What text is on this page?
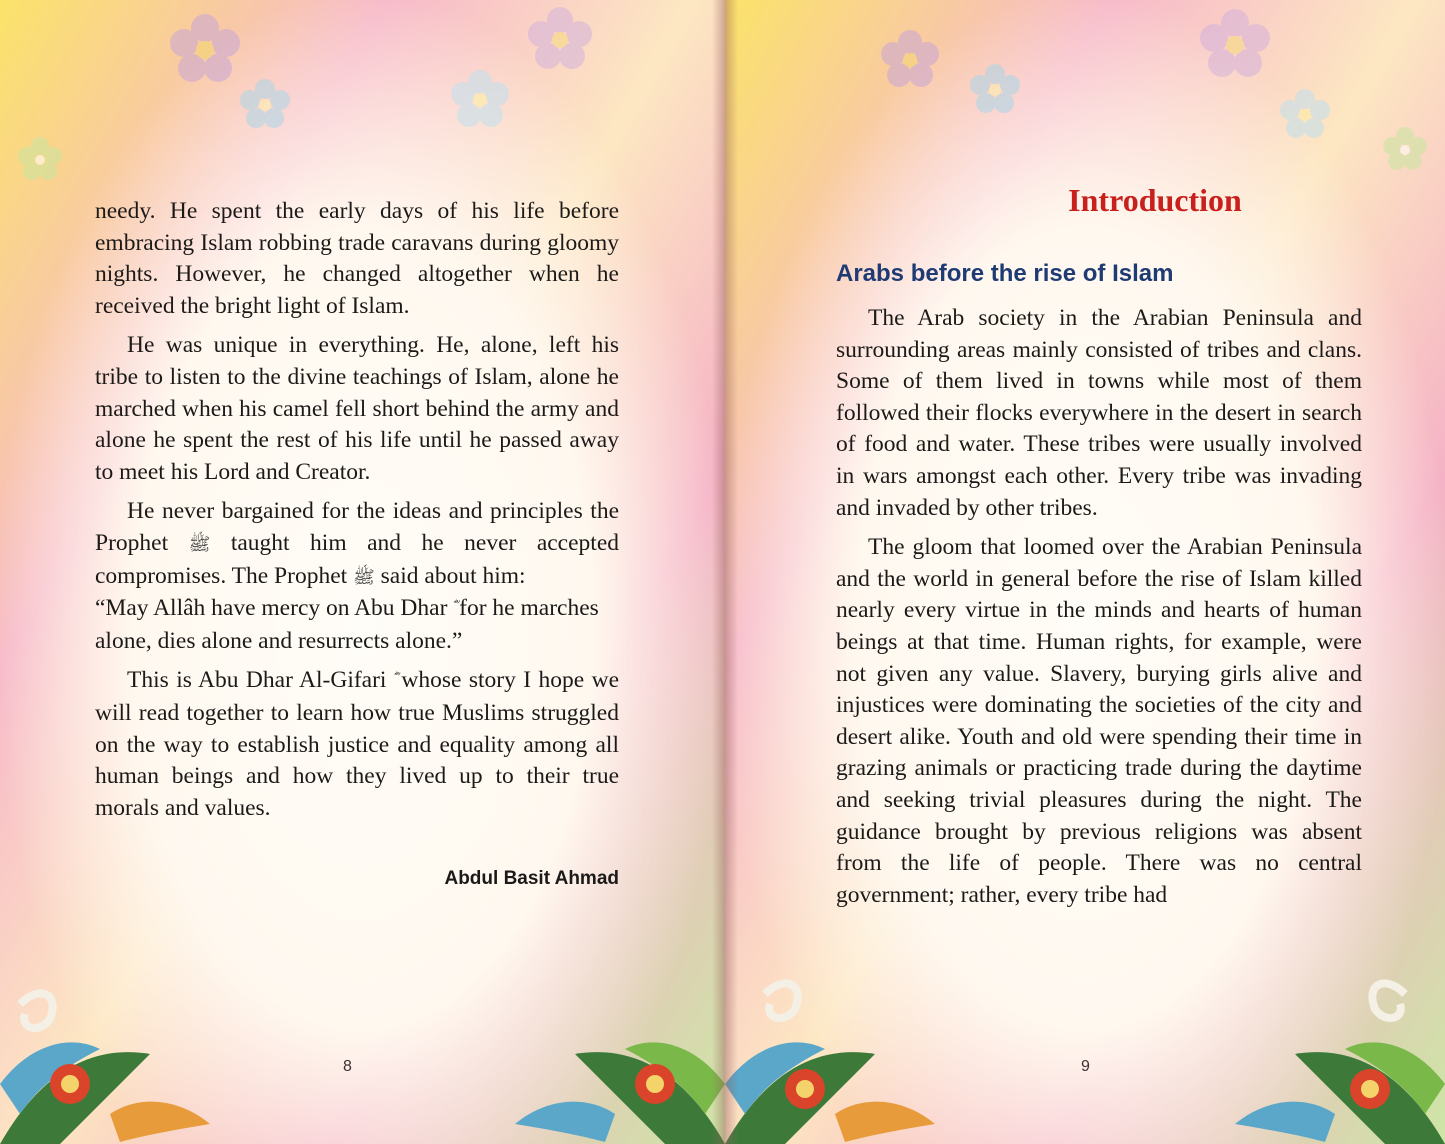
needy. He spent the early days of his life before embracing Islam robbing trade caravans during gloomy nights. However, he changed altogether when he received the bright light of Islam.

He was unique in everything. He, alone, left his tribe to listen to the divine teachings of Islam, alone he marched when his camel fell short behind the army and alone he spent the rest of his life until he passed away to meet his Lord and Creator.

He never bargained for the ideas and principles the Prophet ﷺ taught him and he never accepted compromises. The Prophet ﷺ said about him:
“May Allâh have mercy on Abu Dhar for he marches alone, dies alone and resurrects alone.”

This is Abu Dhar Al-Gifari whose story I hope we will read together to learn how true Muslims struggled on the way to establish justice and equality among all human beings and how they lived up to their true morals and values.

Abdul Basit Ahmad
8
Introduction
Arabs before the rise of Islam

The Arab society in the Arabian Peninsula and surrounding areas mainly consisted of tribes and clans. Some of them lived in towns while most of them followed their flocks everywhere in the desert in search of food and water. These tribes were usually involved in wars amongst each other. Every tribe was invading and invaded by other tribes.

The gloom that loomed over the Arabian Peninsula and the world in general before the rise of Islam killed nearly every virtue in the minds and hearts of human beings at that time. Human rights, for example, were not given any value. Slavery, burying girls alive and injustices were dominating the societies of the city and desert alike. Youth and old were spending their time in grazing animals or practicing trade during the daytime and seeking trivial pleasures during the night. The guidance brought by previous religions was absent from the life of people. There was no central government; rather, every tribe had

9
